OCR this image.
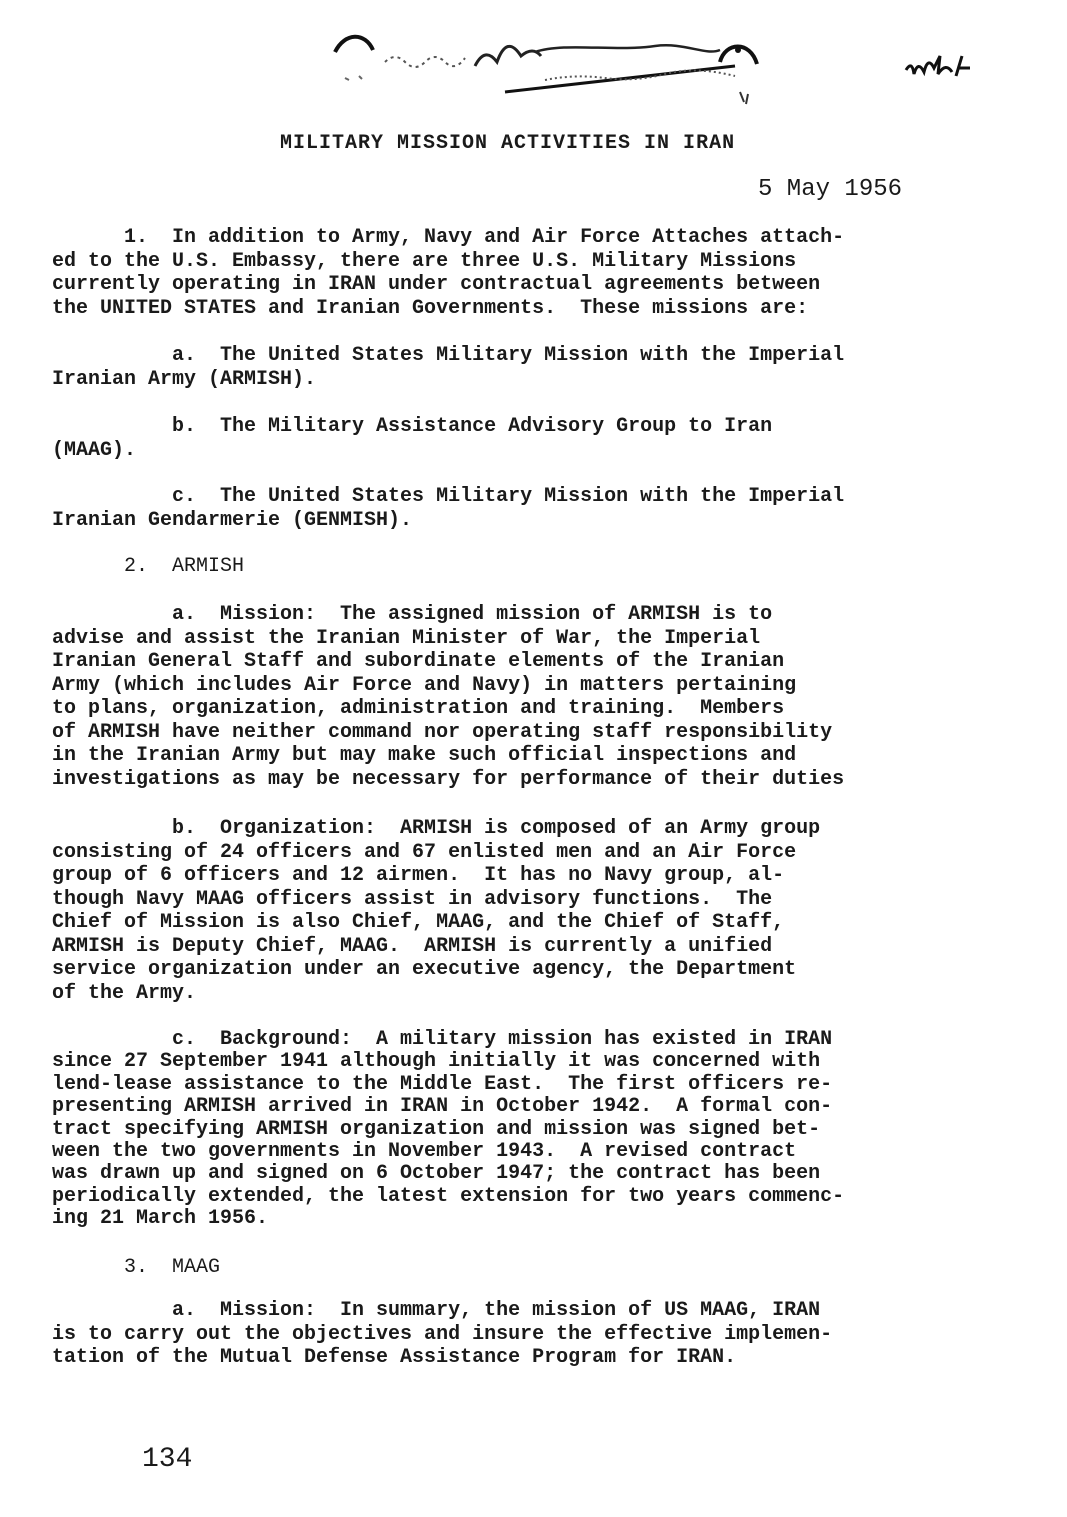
MILITARY MISSION ACTIVITIES IN IRAN
5 May 1956
1.  In addition to Army, Navy and Air Force Attaches attach-
ed to the U.S. Embassy, there are three U.S. Military Missions
currently operating in IRAN under contractual agreements between
the UNITED STATES and Iranian Governments.  These missions are:
a.  The United States Military Mission with the Imperial
Iranian Army (ARMISH).
b.  The Military Assistance Advisory Group to Iran
(MAAG).
c.  The United States Military Mission with the Imperial
Iranian Gendarmerie (GENMISH).
2.  ARMISH
a.  Mission:  The assigned mission of ARMISH is to
advise and assist the Iranian Minister of War, the Imperial
Iranian General Staff and subordinate elements of the Iranian
Army (which includes Air Force and Navy) in matters pertaining
to plans, organization, administration and training.  Members
of ARMISH have neither command nor operating staff responsibility
in the Iranian Army but may make such official inspections and
investigations as may be necessary for performance of their duties
b.  Organization:  ARMISH is composed of an Army group
consisting of 24 officers and 67 enlisted men and an Air Force
group of 6 officers and 12 airmen.  It has no Navy group, al-
though Navy MAAG officers assist in advisory functions.  The
Chief of Mission is also Chief, MAAG, and the Chief of Staff,
ARMISH is Deputy Chief, MAAG.  ARMISH is currently a unified
service organization under an executive agency, the Department
of the Army.
c.  Background:  A military mission has existed in IRAN
since 27 September 1941 although initially it was concerned with
lend-lease assistance to the Middle East.  The first officers re-
presenting ARMISH arrived in IRAN in October 1942.  A formal con-
tract specifying ARMISH organization and mission was signed bet-
ween the two governments in November 1943.  A revised contract
was drawn up and signed on 6 October 1947; the contract has been
periodically extended, the latest extension for two years commenc-
ing 21 March 1956.
3.  MAAG
a.  Mission:  In summary, the mission of US MAAG, IRAN
is to carry out the objectives and insure the effective implemen-
tation of the Mutual Defense Assistance Program for IRAN.
134
